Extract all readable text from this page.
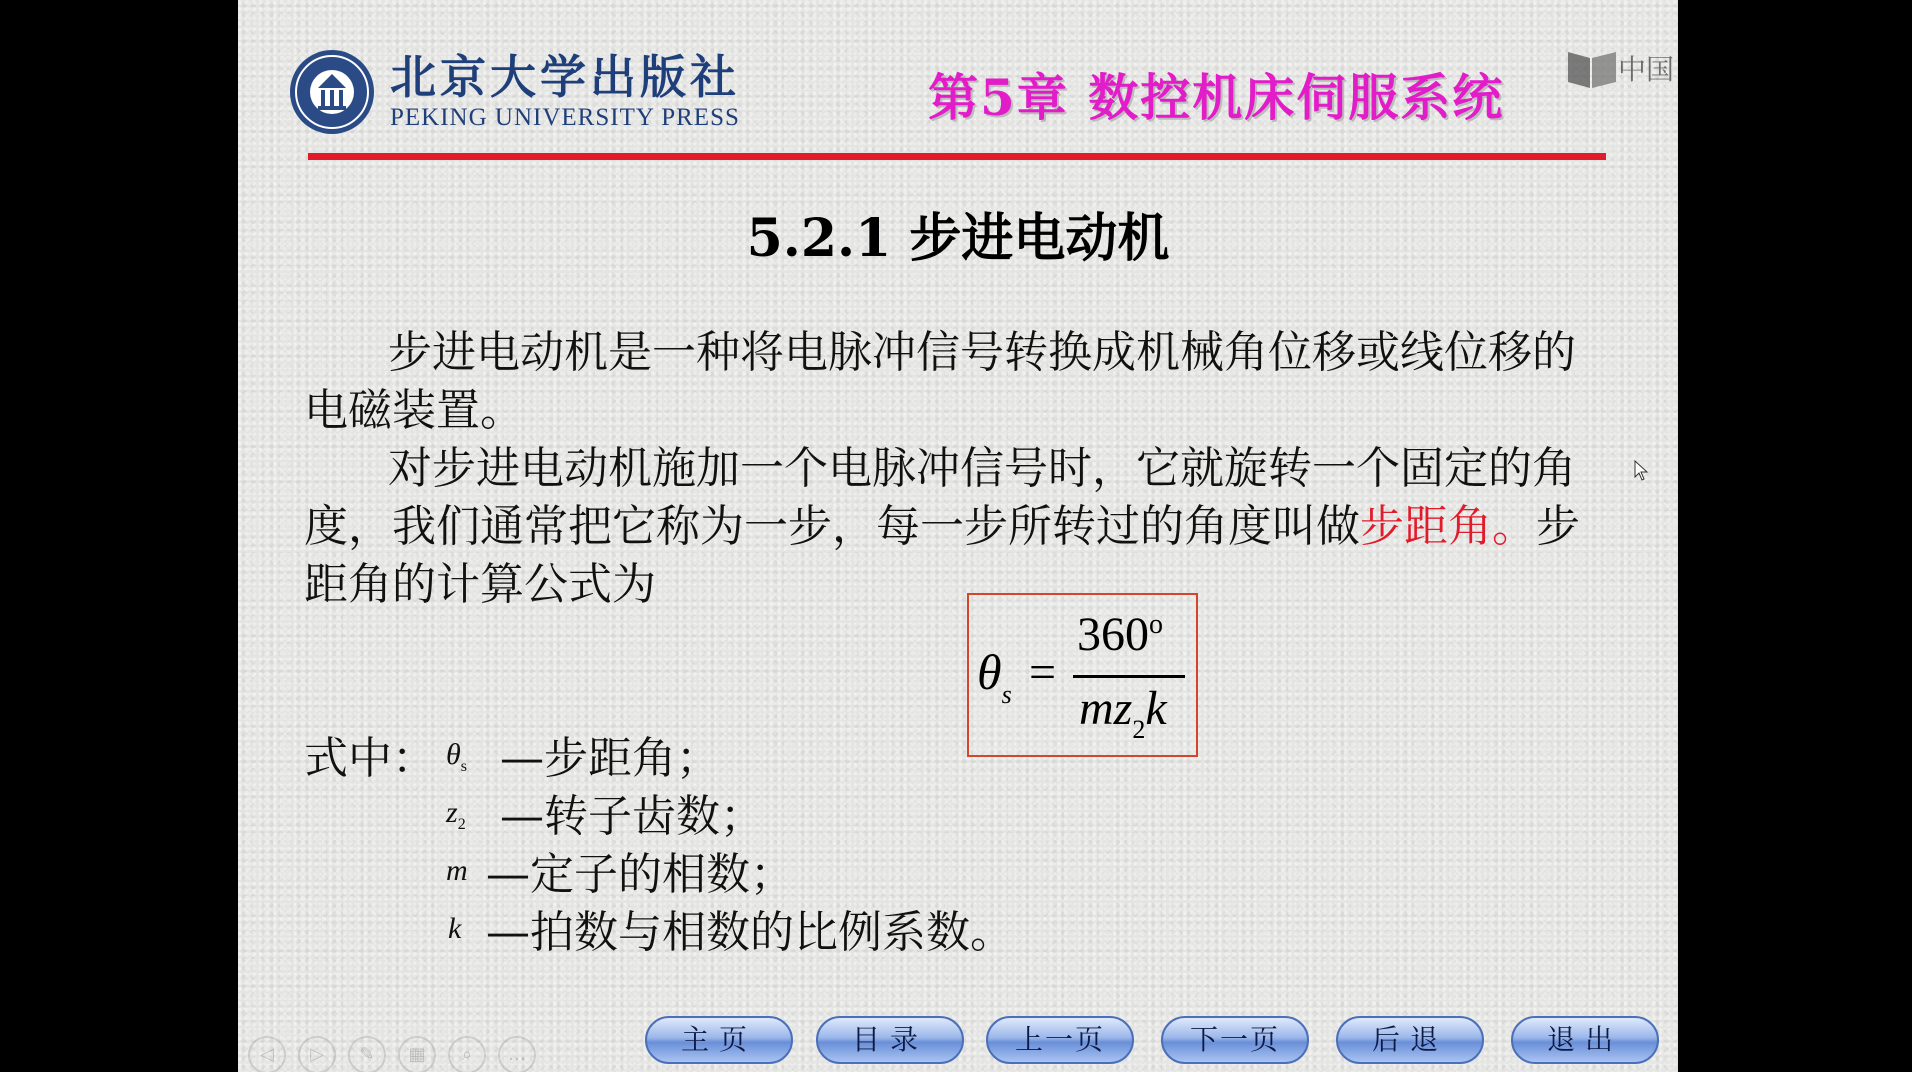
北京大学出版社
PEKING UNIVERSITY PRESS	第5章 数控机床伺服系统	中国
5.2.1 步进电动机

步进电动机是一种将电脉冲信号转换成机械角位移或线位移的电磁装置。

对步进电动机施加一个电脉冲信号时，它就旋转一个固定的角度，我们通常把它称为一步，每一步所转过的角度叫做步距角。步距角的计算公式为

$\theta_s$ =
$360^o$
$mz_2k$
式中： $\theta_s$ —步距角；
$z_2$ —转子齿数；
m —定子的相数；
k —拍数与相数的比例系数。
◁	▷	✎	▦	⌕	…	主页	目录	上一页	下一页	后退	退出
